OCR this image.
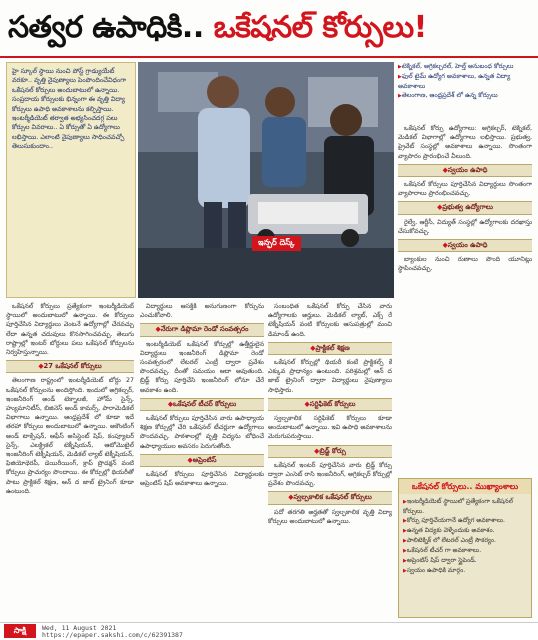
సత్వర ఉపాధికి.. ఒకేషనల్ కోర్సులు!
హై స్కూల్ స్థాయి నుంచి పోస్ట్ గ్రాడ్యుయేట్ వరకూ.. వృత్తి నైపుణ్యాలు పెంపొందించేవిధంగా ఒకేషనల్ కోర్సులు అందుబాటులో ఉన్నాయి. సంప్రదాయ కోర్సులకు భిన్నంగా ఈ వృత్తి విద్యా కోర్సులు ఉపాధి అవకాశాలను కల్పిస్తాయి. ఇంటర్మీడియెట్ తర్వాత అభ్యసించదగ్గ పలు కోర్సుల వివరాలు.. ఏ కోర్సుతో ఏ ఉద్యోగాలు లభిస్తాయి. ఎలాంటి నైపుణ్యాలు సాధించవచ్చో తెలుసుకుందాం..
ఇన్ఫర్ దెస్క్
▶ టెక్నికల్, అగ్రికల్చరల్, హెల్త్ అనుబంధ కోర్సులు
▶ ఫుల్ టైమ్ ఉద్యోగ అవకాశాలు, ఉన్నత విద్యా అవకాశాలు
▶ తెలంగాణ, ఆంధ్రప్రదేశ్ లో ఉన్న కోర్సులు

ఒకేషనల్ కోర్సులు ప్రత్యేకంగా ఇంటర్మీడియెట్ స్థాయిలో అందుబాటులో ఉన్నాయి. ఈ కోర్సులు పూర్తిచేసిన విద్యార్థులు వెంటనే ఉద్యోగాల్లో చేరవచ్చు లేదా ఉన్నత చదువులు కొనసాగించవచ్చు. తెలుగు రాష్ట్రాల్లో ఇంటర్ బోర్డులు పలు ఒకేషనల్ కోర్సులను నిర్వహిస్తున్నాయి.

◆ 27 ఒకేషనల్ కోర్సులు

తెలంగాణ రాష్ట్రంలో ఇంటర్మీడియెట్ బోర్డు 27 ఒకేషనల్ కోర్సులను అందిస్తోంది. ఇందులో అగ్రికల్చర్, ఇంజనీరింగ్ అండ్ టెక్నాలజీ, హోమ్ సైన్స్, హ్యుమానిటీస్, బిజినెస్ అండ్ కామర్స్, పారామెడికల్ విభాగాలు ఉన్నాయి. ఆంధ్రప్రదేశ్ లో కూడా ఇదే తరహా కోర్సులు అందుబాటులో ఉన్నాయి. అకౌంటింగ్ అండ్ టాక్సేషన్, ఆఫీస్ అసిస్టెంట్ షిప్, కంప్యూటర్ సైన్స్, ఎలక్ట్రికల్ టెక్నీషియన్, ఆటోమొబైల్ ఇంజనీరింగ్ టెక్నీషియన్, మెడికల్ ల్యాబ్ టెక్నీషియన్, ఫిజియోథెరపీ, డెయిరీయింగ్, క్రాప్ ప్రొడక్షన్ వంటి కోర్సులు ప్రాచుర్యం పొందాయి. ఈ కోర్సుల్లో థియరీతో పాటు ప్రాక్టికల్ శిక్షణ, ఆన్ ద జాబ్ ట్రైనింగ్ కూడా ఉంటుంది.

విద్యార్థులు ఆసక్తికి అనుగుణంగా కోర్సును ఎంచుకోవాలి.

◆ నేరుగా డిప్లొమా రెండో సంవత్సరం

ఇంటర్మీడియెట్ ఒకేషనల్ కోర్సుల్లో ఉత్తీర్ణులైన విద్యార్థులు ఇంజనీరింగ్ డిప్లొమా రెండో సంవత్సరంలో లేటరల్ ఎంట్రీ ద్వారా ప్రవేశం పొందవచ్చు. దీంతో సమయం ఆదా అవుతుంది. బ్రిడ్జ్ కోర్సు పూర్తిచేసి ఇంజనీరింగ్ లోనూ చేరే అవకాశం ఉంది.

◆ ఒకేషనల్ టీచర్ కోర్సులు

ఒకేషనల్ కోర్సులు పూర్తిచేసిన వారు ఉపాధ్యాయ శిక్షణ కోర్సుల్లో చేరి ఒకేషనల్ టీచర్లుగా ఉద్యోగాలు పొందవచ్చు. పాఠశాలల్లో వృత్తి విద్యను బోధించే ఉపాధ్యాయుల అవసరం పెరుగుతోంది.

◆ అప్రెంటిస్

ఒకేషనల్ కోర్సులు పూర్తిచేసిన విద్యార్థులకు అప్రెంటిస్ షిప్ అవకాశాలు ఉన్నాయి.

సంబంధిత ఒకేషనల్ కోర్సు చేసిన వారు ఉద్యోగాలకు అర్హులు. మెడికల్ ల్యాబ్, ఎక్స్ రే టెక్నీషియన్ వంటి కోర్సులకు ఆసుపత్రుల్లో మంచి డిమాండ్ ఉంది.

◆ ప్రాక్టికల్ శిక్షణ

ఒకేషనల్ కోర్సుల్లో థియరీ కంటే ప్రాక్టికల్స్ కే ఎక్కువ ప్రాధాన్యం ఉంటుంది. పరిశ్రమల్లో ఆన్ ద జాబ్ ట్రైనింగ్ ద్వారా విద్యార్థులు నైపుణ్యాలు సాధిస్తారు.

◆ సర్టిఫికెట్ కోర్సులు

స్వల్పకాలిక సర్టిఫికెట్ కోర్సులు కూడా అందుబాటులో ఉన్నాయి. ఇవి ఉపాధి అవకాశాలను మెరుగుపరుస్తాయి.

◆ బ్రిడ్జ్ కోర్సు

ఒకేషనల్ ఇంటర్ పూర్తిచేసిన వారు బ్రిడ్జ్ కోర్సు ద్వారా ఎంసెట్ రాసి ఇంజనీరింగ్, అగ్రికల్చర్ కోర్సుల్లో ప్రవేశం పొందవచ్చు.

◆ స్వల్పకాలిక ఒకేషనల్ కోర్సులు

పదో తరగతి అర్హతతో స్వల్పకాలిక వృత్తి విద్యా కోర్సులు అందుబాటులో ఉన్నాయి.

ఒకేషనల్ కోర్సు ఉద్యోగాలు: అగ్రికల్చర్, టెక్నికల్, మెడికల్ విభాగాల్లో ఉద్యోగాలు లభిస్తాయి. ప్రభుత్వ, ప్రైవేట్ సంస్థల్లో అవకాశాలు ఉన్నాయి. సొంతంగా వ్యాపారం ప్రారంభించే వీలుంది.

◆ స్వయం ఉపాధి

ఒకేషనల్ కోర్సులు పూర్తిచేసిన విద్యార్థులు సొంతంగా వ్యాపారాలు ప్రారంభించవచ్చు.

◆ ప్రభుత్వ ఉద్యోగాలు

రైల్వే, ఆర్టీసీ, విద్యుత్ సంస్థల్లో ఉద్యోగాలకు దరఖాస్తు చేసుకోవచ్చు.

◆ స్వయం ఉపాధి

బ్యాంకుల నుంచి రుణాలు పొంది యూనిట్లు స్థాపించవచ్చు.

ఒకేషనల్ కోర్సులు.. ముఖ్యాంశాలు
▶ ఇంటర్మీడియెట్ స్థాయిలో ప్రత్యేకంగా ఒకేషనల్ కోర్సులు.
▶ కోర్సు పూర్తిచేయగానే ఉద్యోగ అవకాశాలు.
▶ ఉన్నత విద్యకు వెళ్ళేందుకు అవకాశం.
▶ పాలిటెక్నిక్ లో లేటరల్ ఎంట్రీ సౌకర్యం.
▶ ఒకేషనల్ టీచర్ గా అవకాశాలు.
▶ అప్రెంటిస్ షిప్ ద్వారా స్టైపెండ్.
▶ స్వయం ఉపాధికి మార్గం.
సాక్షి	Wed, 11 August 2021
https://epaper.sakshi.com/c/62391387
